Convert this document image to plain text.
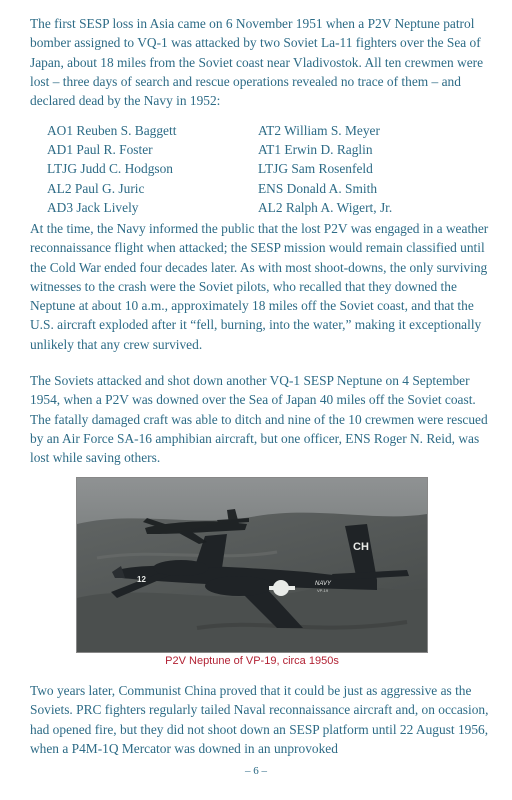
The first SESP loss in Asia came on 6 November 1951 when a P2V Neptune patrol bomber assigned to VQ-1 was attacked by two Soviet La-11 fighters over the Sea of Japan, about 18 miles from the Soviet coast near Vladivostok. All ten crewmen were lost – three days of search and rescue operations revealed no trace of them – and declared dead by the Navy in 1952:

AO1 Reuben S. Baggett	AT2 William S. Meyer
AD1 Paul R. Foster	AT1 Erwin D. Raglin
LTJG Judd C. Hodgson	LTJG Sam Rosenfeld
AL2 Paul G. Juric	ENS Donald A. Smith
AD3 Jack Lively	AL2 Ralph A. Wigert, Jr.

At the time, the Navy informed the public that the lost P2V was engaged in a weather reconnaissance flight when attacked; the SESP mission would remain classified until the Cold War ended four decades later. As with most shoot-downs, the only surviving witnesses to the crash were the Soviet pilots, who recalled that they downed the Neptune at about 10 a.m., approximately 18 miles off the Soviet coast, and that the U.S. aircraft exploded after it “fell, burning, into the water,” making it exceptionally unlikely that any crew survived.

The Soviets attacked and shot down another VQ-1 SESP Neptune on 4 September 1954, when a P2V was downed over the Sea of Japan 40 miles off the Soviet coast. The fatally damaged craft was able to ditch and nine of the 10 crewmen were rescued by an Air Force SA-16 amphibian aircraft, but one officer, ENS Roger N. Reid, was lost while saving others.

CH
12	NAVY
VP-19
P2V Neptune of VP-19, circa 1950s

Two years later, Communist China proved that it could be just as aggressive as the Soviets. PRC fighters regularly tailed Naval reconnaissance aircraft and, on occasion, had opened fire, but they did not shoot down an SESP platform until 22 August 1956, when a P4M-1Q Mercator was downed in an unprovoked

– 6 –
